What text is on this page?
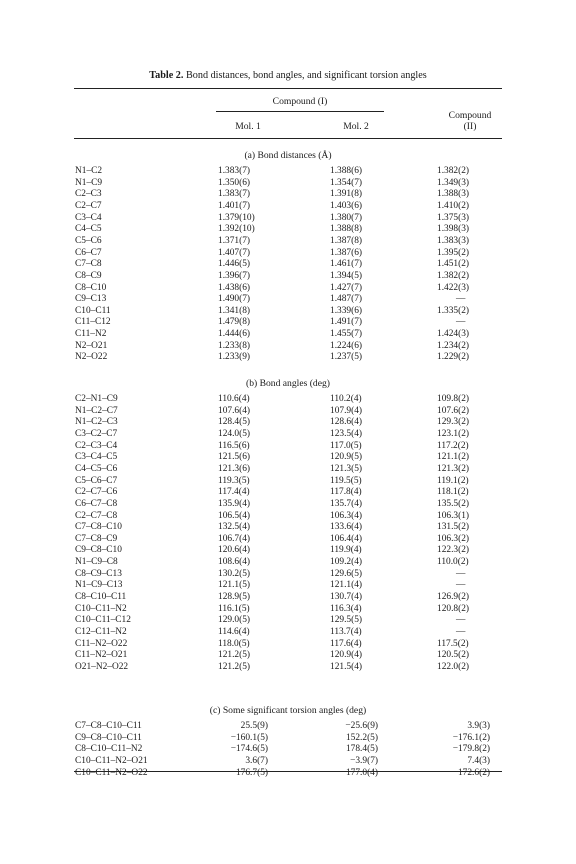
Table 2. Bond distances, bond angles, and significant torsion angles
Compound (I)
Mol. 1	Mol. 2
Compound
(II)
(a) Bond distances (Å)
N1–C2	1.383(7)	1.388(6)	1.382(2)
N1–C9	1.350(6)	1.354(7)	1.349(3)
C2–C3	1.383(7)	1.391(8)	1.388(3)
C2–C7	1.401(7)	1.403(6)	1.410(2)
C3–C4	1.379(10)	1.380(7)	1.375(3)
C4–C5	1.392(10)	1.388(8)	1.398(3)
C5–C6	1.371(7)	1.387(8)	1.383(3)
C6–C7	1.407(7)	1.387(6)	1.395(2)
C7–C8	1.446(5)	1.461(7)	1.451(2)
C8–C9	1.396(7)	1.394(5)	1.382(2)
C8–C10	1.438(6)	1.427(7)	1.422(3)
C9–C13	1.490(7)	1.487(7)	—
C10–C11	1.341(8)	1.339(6)	1.335(2)
C11–C12	1.479(8)	1.491(7)	—
C11–N2	1.444(6)	1.455(7)	1.424(3)
N2–O21	1.233(8)	1.224(6)	1.234(2)
N2–O22	1.233(9)	1.237(5)	1.229(2)
(b) Bond angles (deg)
C2–N1–C9	110.6(4)	110.2(4)	109.8(2)
N1–C2–C7	107.6(4)	107.9(4)	107.6(2)
N1–C2–C3	128.4(5)	128.6(4)	129.3(2)
C3–C2–C7	124.0(5)	123.5(4)	123.1(2)
C2–C3–C4	116.5(6)	117.0(5)	117.2(2)
C3–C4–C5	121.5(6)	120.9(5)	121.1(2)
C4–C5–C6	121.3(6)	121.3(5)	121.3(2)
C5–C6–C7	119.3(5)	119.5(5)	119.1(2)
C2–C7–C6	117.4(4)	117.8(4)	118.1(2)
C6–C7–C8	135.9(4)	135.7(4)	135.5(2)
C2–C7–C8	106.5(4)	106.3(4)	106.3(1)
C7–C8–C10	132.5(4)	133.6(4)	131.5(2)
C7–C8–C9	106.7(4)	106.4(4)	106.3(2)
C9–C8–C10	120.6(4)	119.9(4)	122.3(2)
N1–C9–C8	108.6(4)	109.2(4)	110.0(2)
C8–C9–C13	130.2(5)	129.6(5)	—
N1–C9–C13	121.1(5)	121.1(4)	—
C8–C10–C11	128.9(5)	130.7(4)	126.9(2)
C10–C11–N2	116.1(5)	116.3(4)	120.8(2)
C10–C11–C12	129.0(5)	129.5(5)	—
C12–C11–N2	114.6(4)	113.7(4)	—
C11–N2–O22	118.0(5)	117.6(4)	117.5(2)
C11–N2–O21	121.2(5)	120.9(4)	120.5(2)
O21–N2–O22	121.2(5)	121.5(4)	122.0(2)
(c) Some significant torsion angles (deg)
C7–C8–C10–C11	25.5(9)	−25.6(9)	3.9(3)
C9–C8–C10–C11	−160.1(5)	152.2(5)	−176.1(2)
C8–C10–C11–N2	−174.6(5)	178.4(5)	−179.8(2)
C10–C11–N2–O21	3.6(7)	−3.9(7)	7.4(3)
C10–C11–N2–O22	−176.7(5)	177.0(4)	−172.6(2)
